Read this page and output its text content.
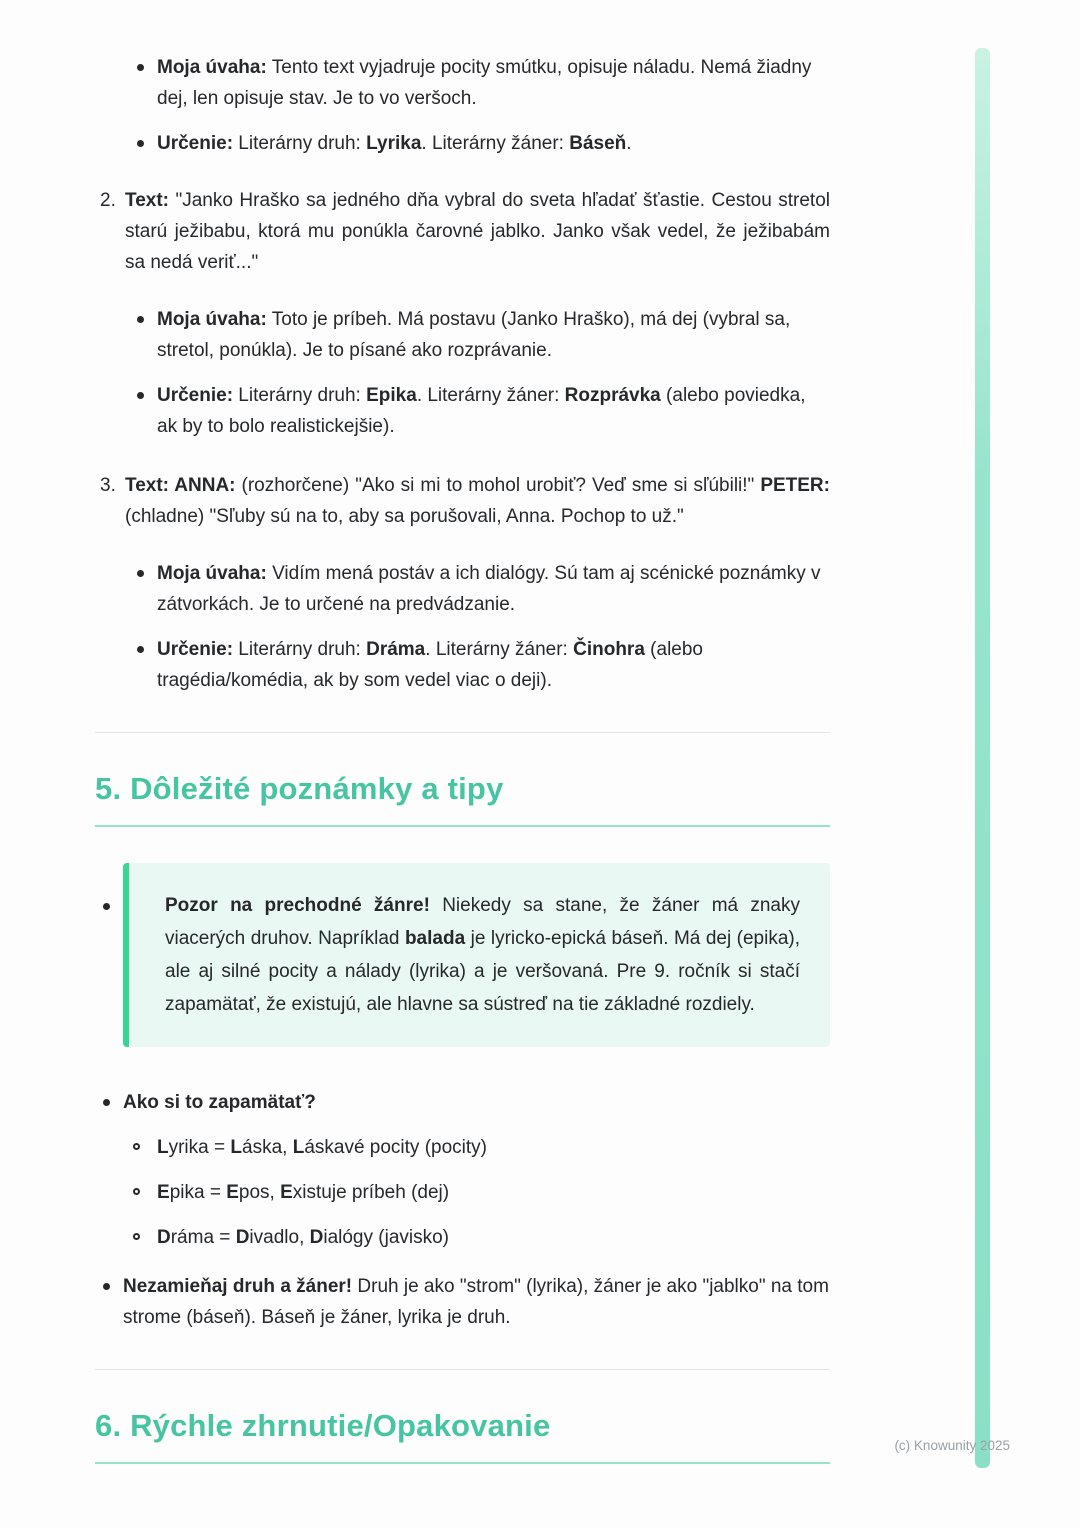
Moja úvaha: Tento text vyjadruje pocity smútku, opisuje náladu. Nemá žiadny dej, len opisuje stav. Je to vo veršoch.

Určenie: Literárny druh: Lyrika. Literárny žáner: Báseň.

2. Text: "Janko Hraško sa jedného dňa vybral do sveta hľadať šťastie. Cestou stretol starú ježibabu, ktorá mu ponúkla čarovné jablko. Janko však vedel, že ježibabám sa nedá veriť..."

Moja úvaha: Toto je príbeh. Má postavu (Janko Hraško), má dej (vybral sa, stretol, ponúkla). Je to písané ako rozprávanie.

Určenie: Literárny druh: Epika. Literárny žáner: Rozprávka (alebo poviedka, ak by to bolo realistickejšie).

3. Text: ANNA: (rozhorčene) "Ako si mi to mohol urobiť? Veď sme si sľúbili!" PETER: (chladne) "Sľuby sú na to, aby sa porušovali, Anna. Pochop to už."

Moja úvaha: Vidím mená postáv a ich dialógy. Sú tam aj scénické poznámky v zátvorkách. Je to určené na predvádzanie.

Určenie: Literárny druh: Dráma. Literárny žáner: Činohra (alebo tragédia/komédia, ak by som vedel viac o deji).

5. Dôležité poznámky a tipy

Pozor na prechodné žánre! Niekedy sa stane, že žáner má znaky viacerých druhov. Napríklad balada je lyricko-epická báseň. Má dej (epika), ale aj silné pocity a nálady (lyrika) a je veršovaná. Pre 9. ročník si stačí zapamätať, že existujú, ale hlavne sa sústreď na tie základné rozdiely.

Ako si to zapamätať?

Lyrika = Láska, Láskavé pocity (pocity)

Epika = Epos, Existuje príbeh (dej)

Dráma = Divadlo, Dialógy (javisko)

Nezamieňaj druh a žáner! Druh je ako "strom" (lyrika), žáner je ako "jablko" na tom strome (báseň). Báseň je žáner, lyrika je druh.

6. Rýchle zhrnutie/Opakovanie
(c) Knowunity 2025
